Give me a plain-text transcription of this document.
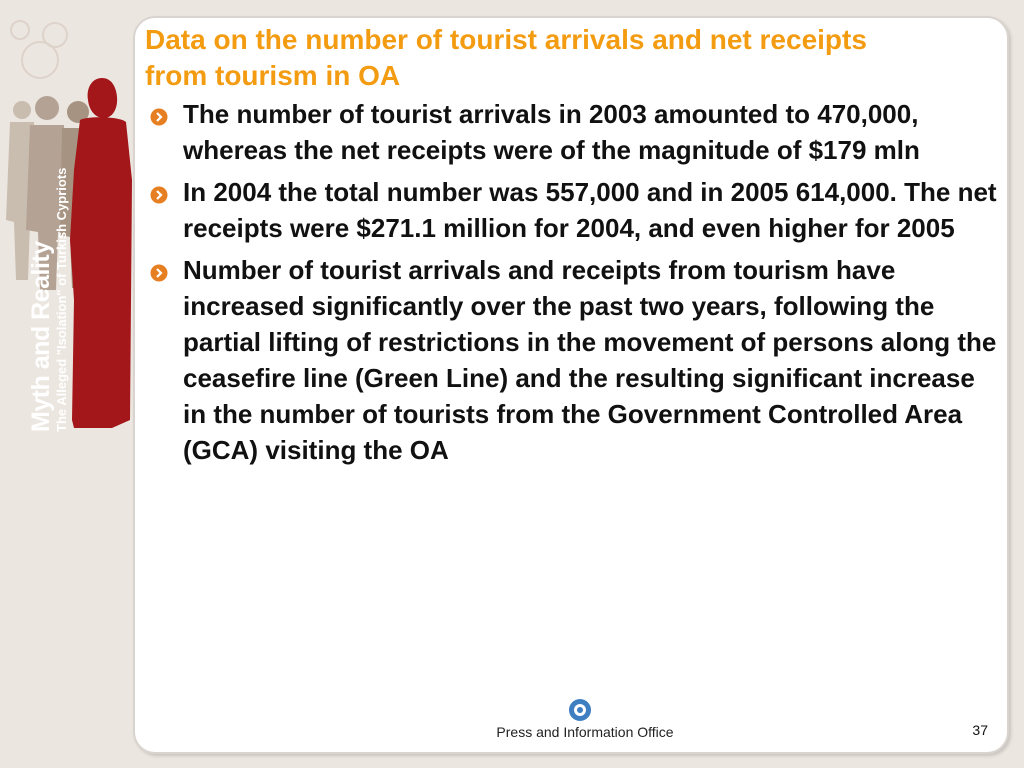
Myth and Reality The Alleged "Isolation" of Turkish Cypriots
Data on the number of tourist arrivals and net receipts from tourism in OA
The number of tourist arrivals in 2003 amounted to 470,000, whereas the net receipts were of the magnitude of $179 mln
In 2004 the total number was 557,000 and in 2005 614,000. The net receipts were $271.1 million for 2004, and even higher for 2005
Number of tourist arrivals and receipts from tourism have increased significantly over the past two years, following the partial lifting of restrictions in the movement of persons along the ceasefire line (Green Line) and the resulting significant increase in the number of tourists from the Government Controlled Area (GCA) visiting the OA
Press and Information Office	37
